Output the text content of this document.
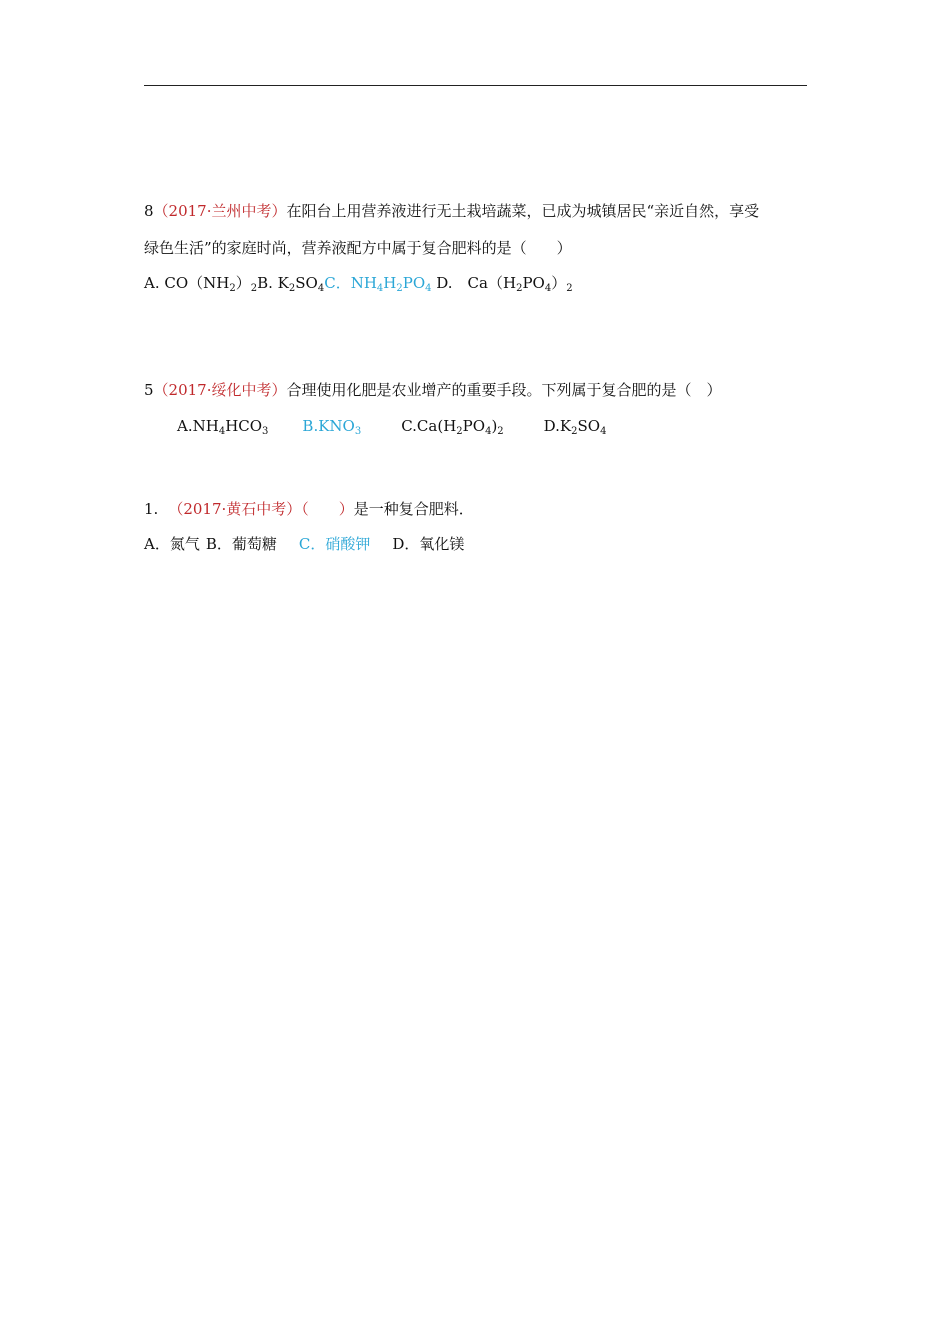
8（2017·兰州中考）在阳台上用营养液进行无土栽培蔬菜，已成为城镇居民“亲近自然，享受
绿色生活”的家庭时尚，营养液配方中属于复合肥料的是（　　）
A. $CO(NH_2)_2B$. $K_2SO_4C$．$NH_4H_2PO_4$ D.　$Ca(H_2PO_4)_2$
5（2017·绥化中考）合理使用化肥是农业增产的重要手段。下列属于复合肥的是（　）
$A.NH_4HCO_3$ $B.KNO_3$	$C.Ca(H_2PO_4)_2$	$D.K_2SO_4$
1. （2017·黄石中考）（　　）是一种复合肥料．
A．氮气 B．葡萄糖 C．硝酸钾 D．氧化镁
